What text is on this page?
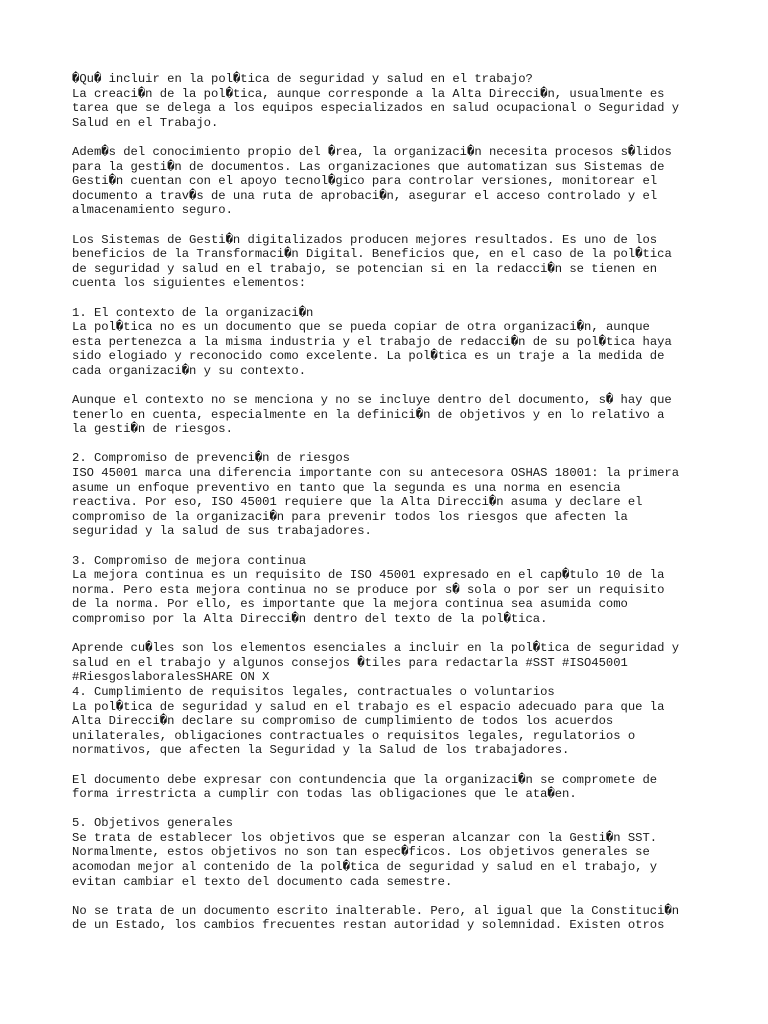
�Qu� incluir en la pol�tica de seguridad y salud en el trabajo?
La creaci�n de la pol�tica, aunque corresponde a la Alta Direcci�n, usualmente es
tarea que se delega a los equipos especializados en salud ocupacional o Seguridad y
Salud en el Trabajo.
Adem�s del conocimiento propio del �rea, la organizaci�n necesita procesos s�lidos
para la gesti�n de documentos. Las organizaciones que automatizan sus Sistemas de
Gesti�n cuentan con el apoyo tecnol�gico para controlar versiones, monitorear el
documento a trav�s de una ruta de aprobaci�n, asegurar el acceso controlado y el
almacenamiento seguro.
Los Sistemas de Gesti�n digitalizados producen mejores resultados. Es uno de los
beneficios de la Transformaci�n Digital. Beneficios que, en el caso de la pol�tica
de seguridad y salud en el trabajo, se potencian si en la redacci�n se tienen en
cuenta los siguientes elementos:
1. El contexto de la organizaci�n
La pol�tica no es un documento que se pueda copiar de otra organizaci�n, aunque
esta pertenezca a la misma industria y el trabajo de redacci�n de su pol�tica haya
sido elogiado y reconocido como excelente. La pol�tica es un traje a la medida de
cada organizaci�n y su contexto.
Aunque el contexto no se menciona y no se incluye dentro del documento, s� hay que
tenerlo en cuenta, especialmente en la definici�n de objetivos y en lo relativo a
la gesti�n de riesgos.
2. Compromiso de prevenci�n de riesgos
ISO 45001 marca una diferencia importante con su antecesora OSHAS 18001: la primera
asume un enfoque preventivo en tanto que la segunda es una norma en esencia
reactiva. Por eso, ISO 45001 requiere que la Alta Direcci�n asuma y declare el
compromiso de la organizaci�n para prevenir todos los riesgos que afecten la
seguridad y la salud de sus trabajadores.
3. Compromiso de mejora continua
La mejora continua es un requisito de ISO 45001 expresado en el cap�tulo 10 de la
norma. Pero esta mejora continua no se produce por s� sola o por ser un requisito
de la norma. Por ello, es importante que la mejora continua sea asumida como
compromiso por la Alta Direcci�n dentro del texto de la pol�tica.
Aprende cu�les son los elementos esenciales a incluir en la pol�tica de seguridad y
salud en el trabajo y algunos consejos �tiles para redactarla #SST #ISO45001
#RiesgoslaboralesSHARE ON X
4. Cumplimiento de requisitos legales, contractuales o voluntarios
La pol�tica de seguridad y salud en el trabajo es el espacio adecuado para que la
Alta Direcci�n declare su compromiso de cumplimiento de todos los acuerdos
unilaterales, obligaciones contractuales o requisitos legales, regulatorios o
normativos, que afecten la Seguridad y la Salud de los trabajadores.
El documento debe expresar con contundencia que la organizaci�n se compromete de
forma irrestricta a cumplir con todas las obligaciones que le ata�en.
5. Objetivos generales
Se trata de establecer los objetivos que se esperan alcanzar con la Gesti�n SST.
Normalmente, estos objetivos no son tan espec�ficos. Los objetivos generales se
acomodan mejor al contenido de la pol�tica de seguridad y salud en el trabajo, y
evitan cambiar el texto del documento cada semestre.
No se trata de un documento escrito inalterable. Pero, al igual que la Constituci�n
de un Estado, los cambios frecuentes restan autoridad y solemnidad. Existen otros
